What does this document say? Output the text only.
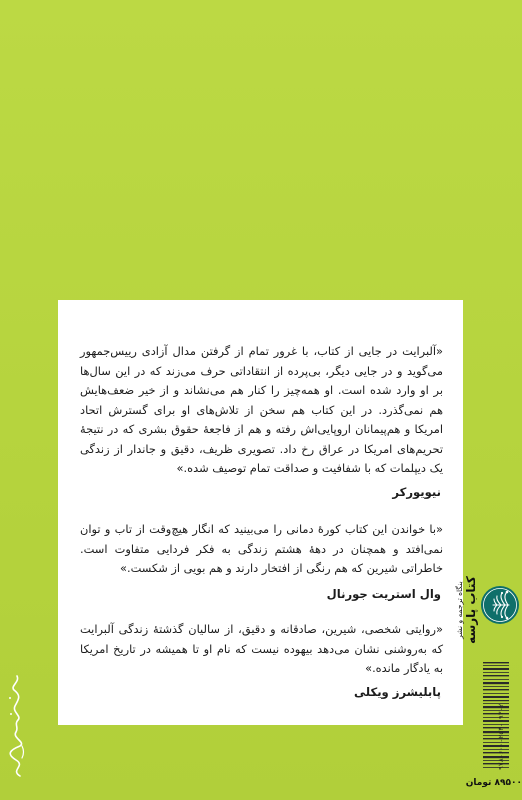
«آلبرایت در جایی از کتاب، با غرور تمام از گرفتن مدال آزادی رییس‌جمهور می‌گوید و در جایی دیگر، بی‌پرده از انتقاداتی حرف می‌زند که در این سال‌ها بر او وارد شده است. او همه‌چیز را کنار هم می‌نشاند و از خیر ضعف‌هایش هم نمی‌گذرد. در این کتاب هم سخن از تلاش‌های او برای گسترش اتحاد امریکا و هم‌پیمانان اروپایی‌اش رفته و هم از فاجعهٔ حقوق بشری که در نتیجهٔ تحریم‌های امریکا در عراق رخ داد. تصویری ظریف، دقیق و جاندار از زندگی یک دیپلمات که با شفافیت و صداقت تمام توصیف شده.»

نیویورکر

«با خواندن این کتاب کورهٔ دمانی را می‌بینید که انگار هیچ‌وقت از تاب و توان نمی‌افتد و همچنان در دههٔ هشتم زندگی به فکر فردایی متفاوت است. خاطراتی شیرین که هم رنگی از افتخار دارند و هم بویی از شکست.»

وال استریت جورنال

«روایتی شخصی، شیرین، صادقانه و دقیق، از سالیان گذشتهٔ زندگی آلبرایت که به‌روشنی نشان می‌دهد بیهوده نیست که نام او تا همیشه در تاریخ امریکا به یادگار مانده.»

پابلیشرز ویکلی

بنگاه ترجمه و نشر کتاب پارسه
۹۷۸-۶۰۰-۲۵۳-۱۹۳-۲
۸۹۵۰۰ تومان
